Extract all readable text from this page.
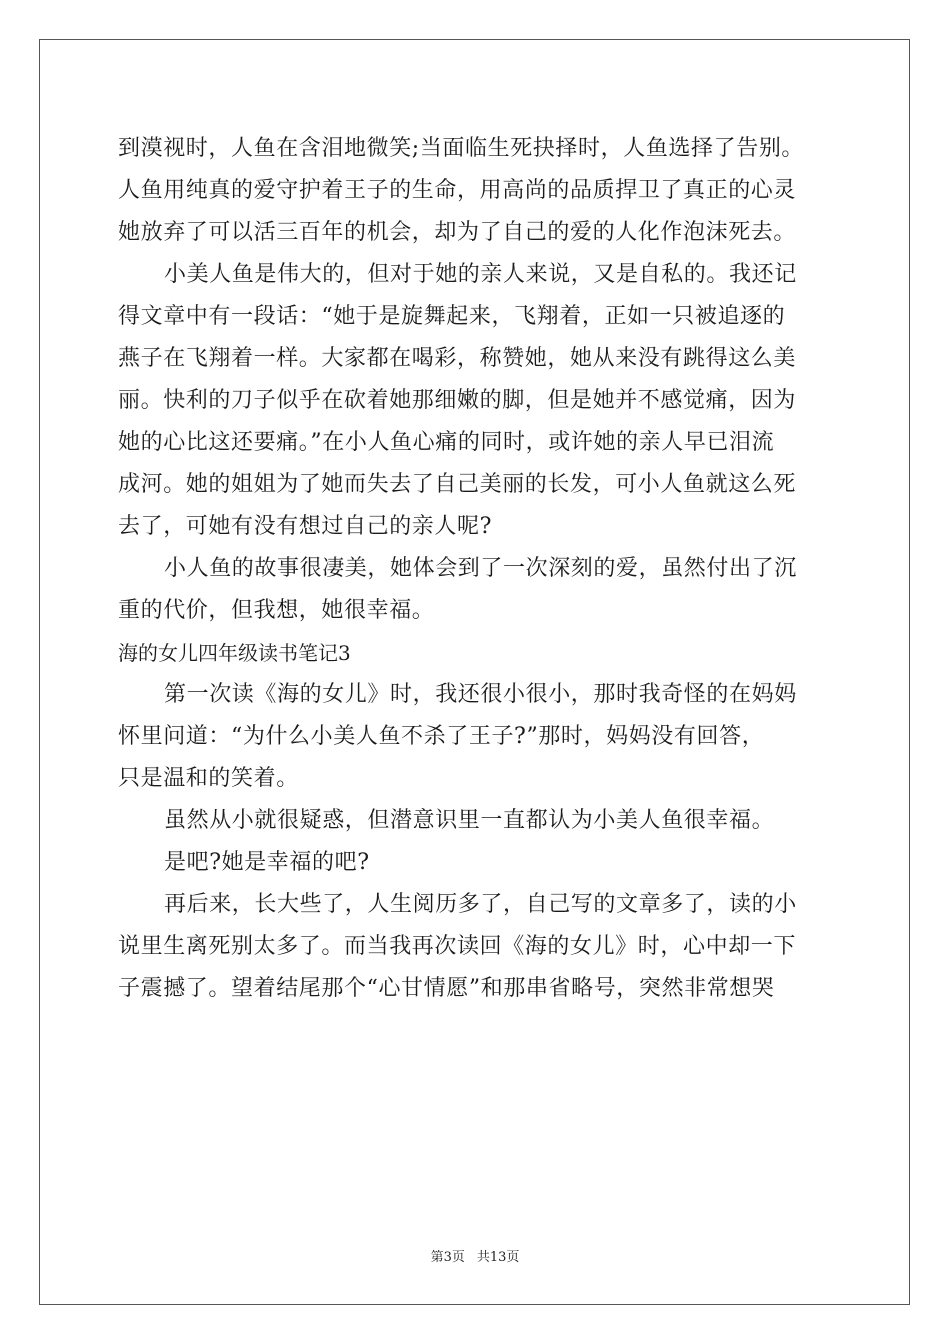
到漠视时，人鱼在含泪地微笑;当面临生死抉择时，人鱼选择了告别。
人鱼用纯真的爱守护着王子的生命，用高尚的品质捍卫了真正的心灵
她放弃了可以活三百年的机会，却为了自己的爱的人化作泡沫死去。
小美人鱼是伟大的，但对于她的亲人来说，又是自私的。我还记
得文章中有一段话：“她于是旋舞起来，飞翔着，正如一只被追逐的
燕子在飞翔着一样。大家都在喝彩，称赞她，她从来没有跳得这么美
丽。快利的刀子似乎在砍着她那细嫩的脚，但是她并不感觉痛，因为
她的心比这还要痛。”在小人鱼心痛的同时，或许她的亲人早已泪流
成河。她的姐姐为了她而失去了自己美丽的长发，可小人鱼就这么死
去了，可她有没有想过自己的亲人呢?
小人鱼的故事很凄美，她体会到了一次深刻的爱，虽然付出了沉
重的代价，但我想，她很幸福。
海的女儿四年级读书笔记3
第一次读《海的女儿》时，我还很小很小，那时我奇怪的在妈妈
怀里问道：“为什么小美人鱼不杀了王子?”那时，妈妈没有回答，
只是温和的笑着。
虽然从小就很疑惑，但潜意识里一直都认为小美人鱼很幸福。
是吧?她是幸福的吧?
再后来，长大些了，人生阅历多了，自己写的文章多了，读的小
说里生离死别太多了。而当我再次读回《海的女儿》时，心中却一下
子震撼了。望着结尾那个“心甘情愿”和那串省略号，突然非常想哭
第3页 共13页
